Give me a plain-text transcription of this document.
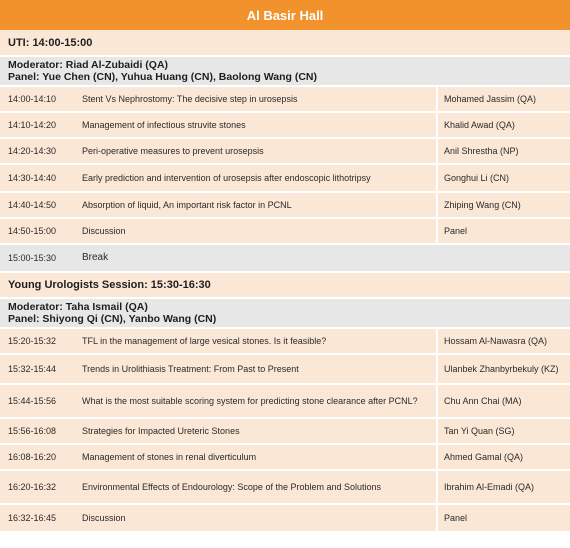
Al Basir Hall
UTI: 14:00-15:00
Moderator: Riad Al-Zubaidi (QA)
Panel: Yue Chen (CN), Yuhua Huang (CN), Baolong Wang (CN)
14:00-14:10	Stent Vs Nephrostomy: The decisive step in urosepsis	Mohamed Jassim (QA)
14:10-14:20	Management of infectious struvite stones	Khalid Awad (QA)
14:20-14:30	Peri-operative measures to prevent urosepsis	Anil Shrestha (NP)
14:30-14:40	Early prediction and intervention of urosepsis after endoscopic lithotripsy	Gonghui Li (CN)
14:40-14:50	Absorption of liquid, An important risk factor in PCNL	Zhiping Wang (CN)
14:50-15:00	Discussion	Panel
15:00-15:30	Break
Young Urologists Session: 15:30-16:30
Moderator: Taha Ismail (QA)
Panel: Shiyong Qi (CN), Yanbo Wang (CN)
15:20-15:32	TFL in the management of large vesical stones. Is it feasible?	Hossam Al-Nawasra (QA)
15:32-15:44	Trends in Urolithiasis Treatment: From Past to Present	Ulanbek Zhanbyrbekuly (KZ)
15:44-15:56	What is the most suitable scoring system for predicting stone clearance after PCNL?	Chu Ann Chai (MA)
15:56-16:08	Strategies for Impacted Ureteric Stones	Tan Yi Quan (SG)
16:08-16:20	Management of stones in renal diverticulum	Ahmed Gamal (QA)
16:20-16:32	Environmental Effects of Endourology: Scope of the Problem and Solutions	Ibrahim Al-Emadi (QA)
16:32-16:45	Discussion	Panel
